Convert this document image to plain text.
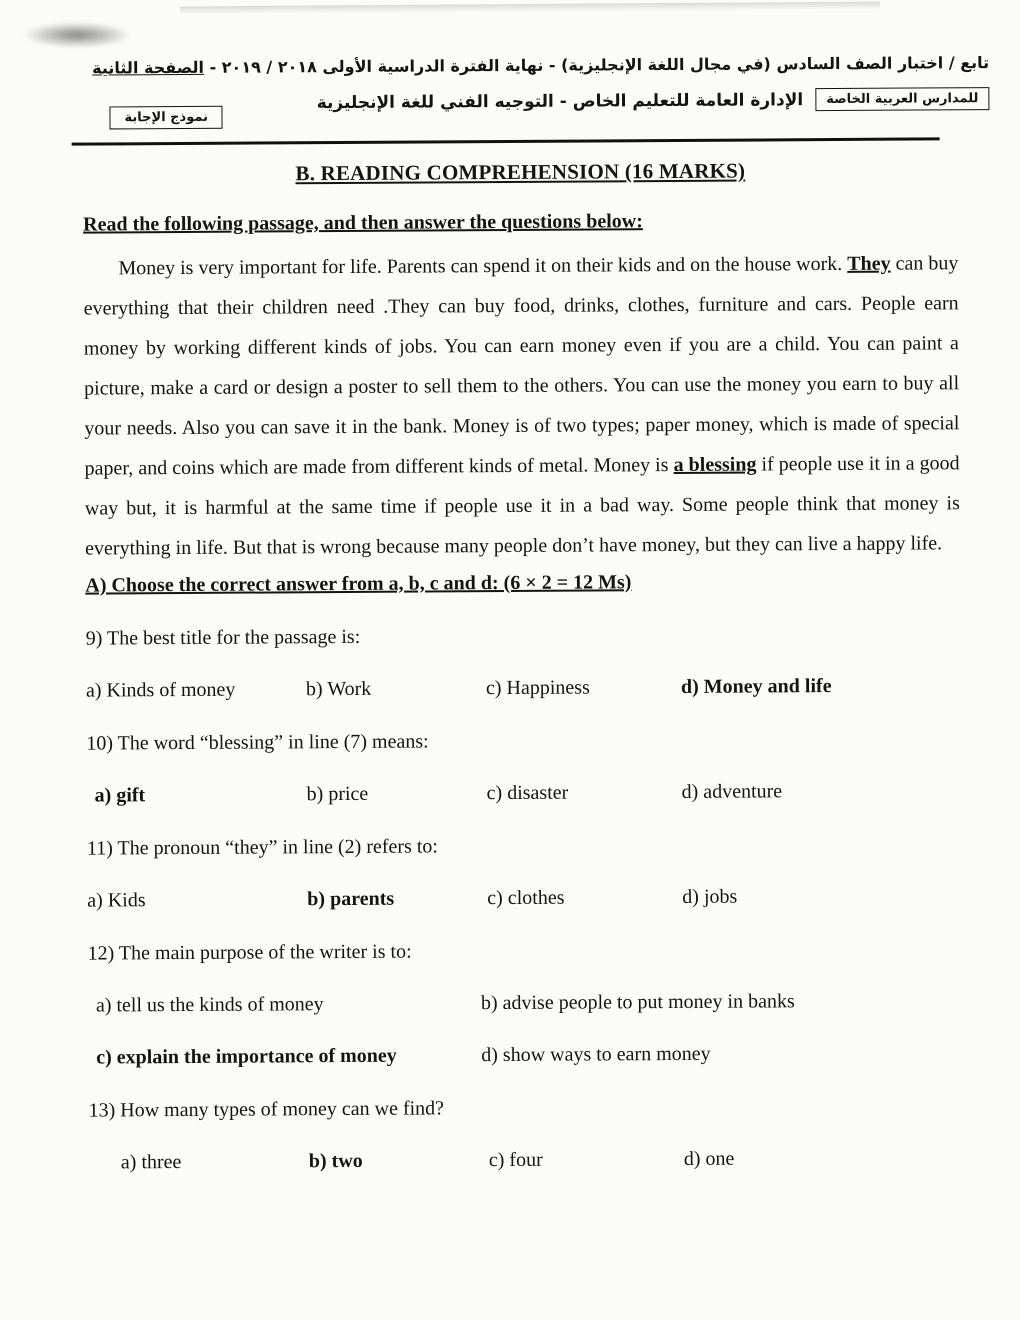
تابع / اختبار الصف السادس (في مجال اللغة الإنجليزية) - نهاية الفترة الدراسية الأولى ٢٠١٨ / ٢٠١٩ - الصفحة الثانية
للمدارس العربية الخاصة
الإدارة العامة للتعليم الخاص - التوجيه الفني للغة الإنجليزية
نموذج الإجابة
B. READING COMPREHENSION (16 MARKS)
Read the following passage, and then answer the questions below:

Money is very important for life. Parents can spend it on their kids and on the house work. They can buy everything that their children need .They can buy food, drinks, clothes, furniture and cars. People earn money by working different kinds of jobs. You can earn money even if you are a child. You can paint a picture, make a card or design a poster to sell them to the others. You can use the money you earn to buy all your needs. Also you can save it in the bank. Money is of two types; paper money, which is made of special paper, and coins which are made from different kinds of metal. Money is a blessing if people use it in a good way but, it is harmful at the same time if people use it in a bad way. Some people think that money is everything in life. But that is wrong because many people don’t have money, but they can live a happy life.

A) Choose the correct answer from a, b, c and d: (6 × 2 = 12 Ms)
9) The best title for the passage is:
a) Kinds of money	b) Work	c) Happiness	d) Money and life
10) The word “blessing” in line (7) means:
a) gift	b) price	c) disaster	d) adventure
11) The pronoun “they” in line (2) refers to:
a) Kids	b) parents	c) clothes	d) jobs
12) The main purpose of the writer is to:
a) tell us the kinds of money	b) advise people to put money in banks
c) explain the importance of money	d) show ways to earn money
13) How many types of money can we find?
a) three	b) two	c) four	d) one
